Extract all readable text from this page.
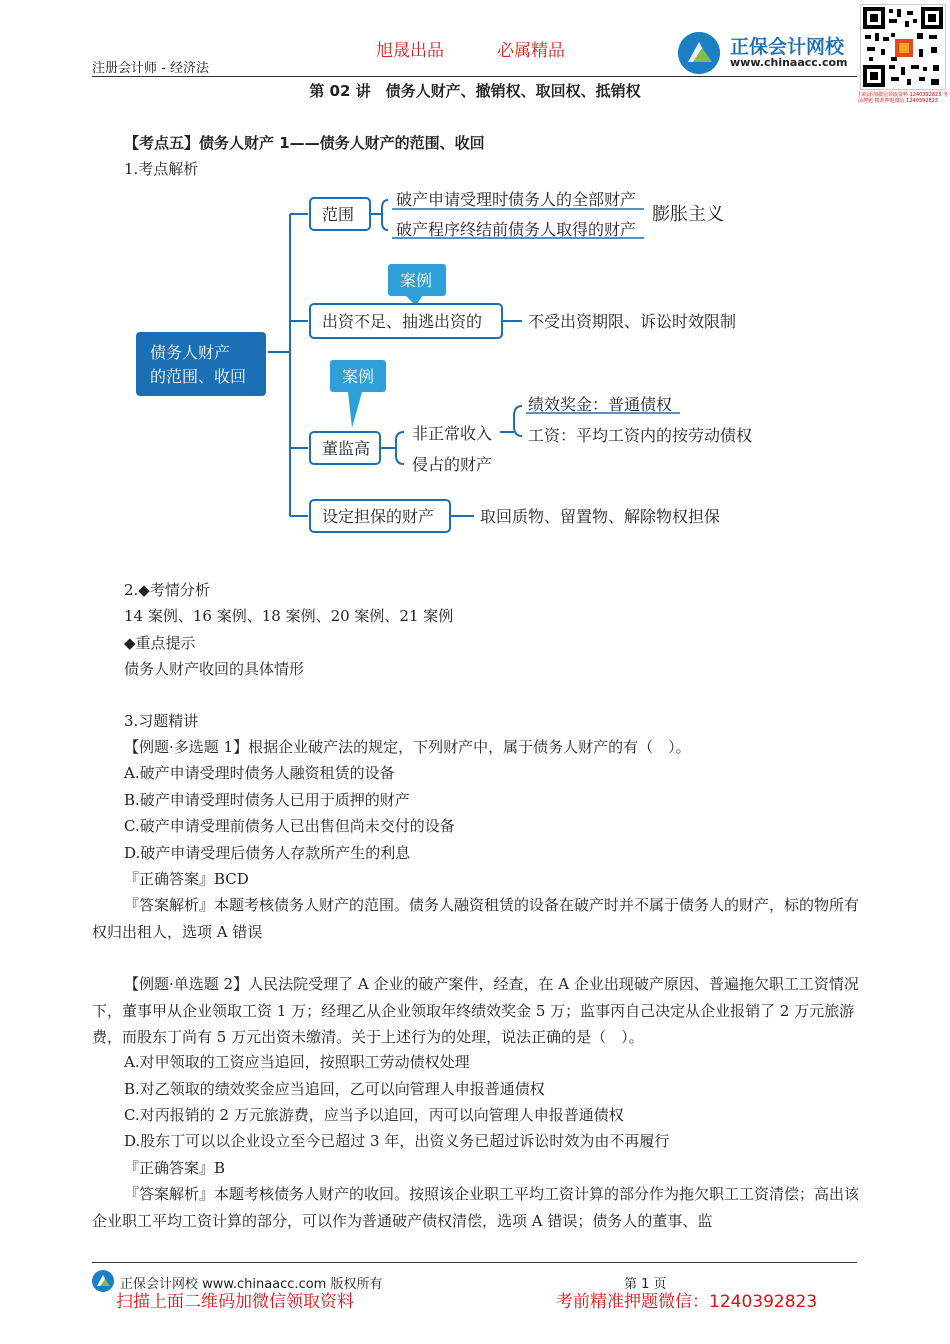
注册会计师 - 经济法
旭晟出品	必属精品	正保会计网校
www.chinaacc.com
扫码添加微信领取资料 1240392823 考前押题 精准押题微信 1240392823
第 02 讲　债务人财产、撤销权、取回权、抵销权
【考点五】债务人财产 1——债务人财产的范围、收回
1.考点解析
债务人财产
的范围、收回
范围
破产申请受理时债务人的全部财产
破产程序终结前债务人取得的财产
膨胀主义
案例
出资不足、抽逃出资的	不受出资期限、诉讼时效限制
案例
董监高
非正常收入
侵占的财产
绩效奖金：普通债权
工资：平均工资内的按劳动债权
设定担保的财产	取回质物、留置物、解除物权担保
2.◆考情分析
14 案例、16 案例、18 案例、20 案例、21 案例
◆重点提示
债务人财产收回的具体情形
3.习题精讲
【例题·多选题 1】根据企业破产法的规定，下列财产中，属于债务人财产的有（　）。
A.破产申请受理时债务人融资租赁的设备
B.破产申请受理时债务人已用于质押的财产
C.破产申请受理前债务人已出售但尚未交付的设备
D.破产申请受理后债务人存款所产生的利息
『正确答案』BCD
『答案解析』本题考核债务人财产的范围。债务人融资租赁的设备在破产时并不属于债务人的财产，标的物所有权归出租人，选项 A 错误
【例题·单选题 2】人民法院受理了 A 企业的破产案件，经查，在 A 企业出现破产原因、普遍拖欠职工工资情况下，董事甲从企业领取工资 1 万；经理乙从企业领取年终绩效奖金 5 万；监事丙自己决定从企业报销了 2 万元旅游费，而股东丁尚有 5 万元出资未缴清。关于上述行为的处理，说法正确的是（　）。
A.对甲领取的工资应当追回，按照职工劳动债权处理
B.对乙领取的绩效奖金应当追回，乙可以向管理人申报普通债权
C.对丙报销的 2 万元旅游费，应当予以追回，丙可以向管理人申报普通债权
D.股东丁可以以企业设立至今已超过 3 年，出资义务已超过诉讼时效为由不再履行
『正确答案』B
『答案解析』本题考核债务人财产的收回。按照该企业职工平均工资计算的部分作为拖欠职工工资清偿；高出该企业职工平均工资计算的部分，可以作为普通破产债权清偿，选项 A 错误；债务人的董事、监
正保会计网校 www.chinaacc.com 版权所有	第 1 页
扫描上面二维码加微信领取资料	考前精准押题微信：1240392823
